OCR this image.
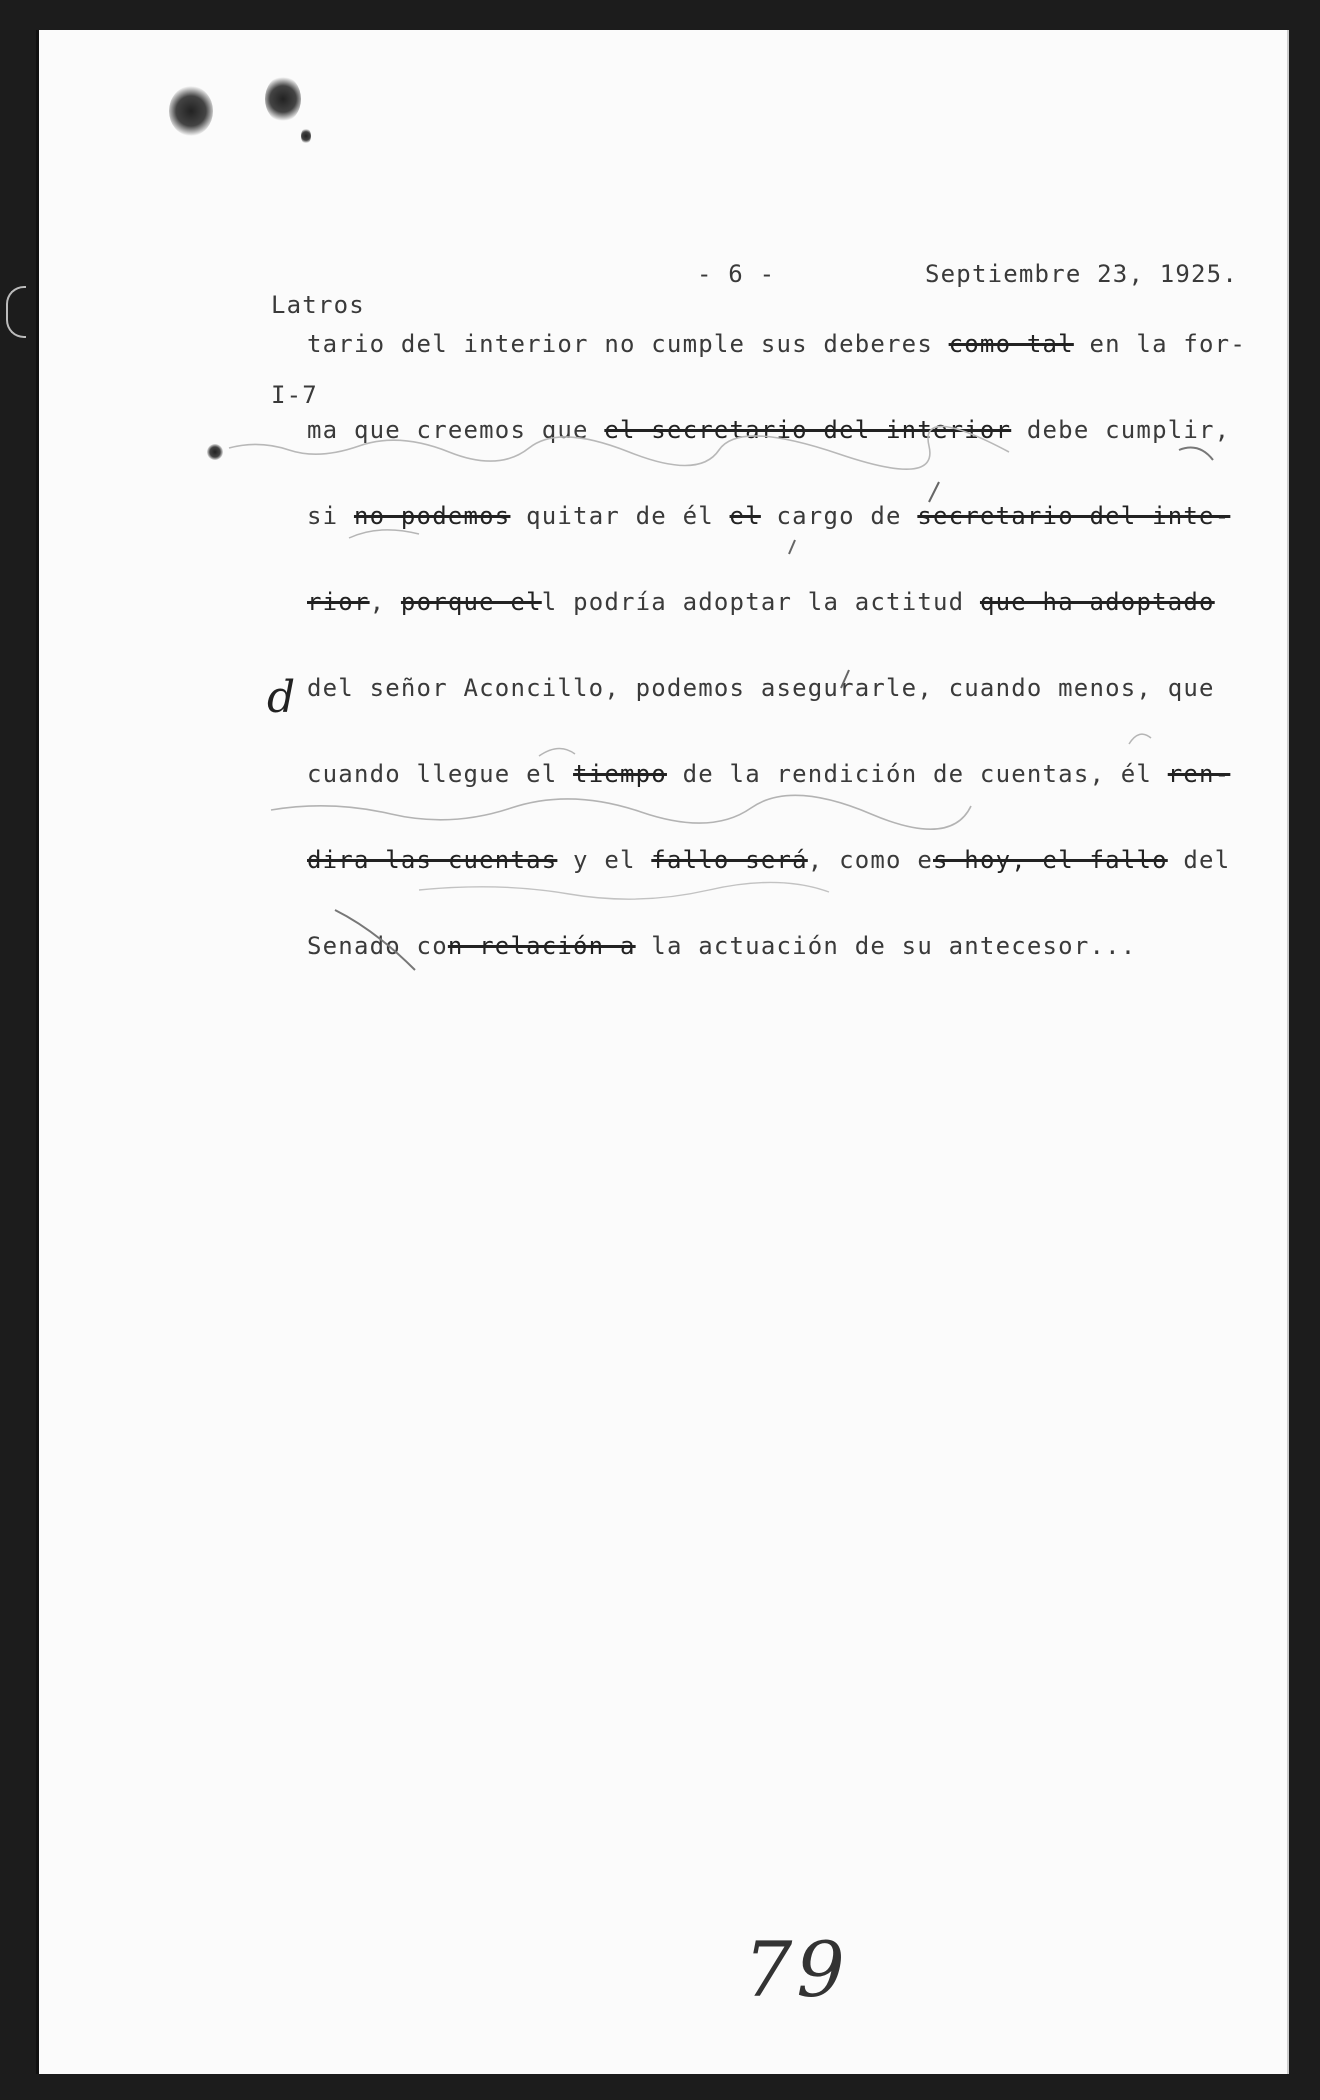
Latros

I-7

- 6 -	Septiembre 23, 1925.
tario del interior no cumple sus deberes como tal en la for-
ma que creemos que el secretario del interior debe cumplir,
si no podemos quitar de él el cargo de secretario del inte-
rior, porque ell podría adoptar la actitud que ha adoptado
del señor Aconcillo, podemos asegurarle, cuando menos, que
cuando llegue el tiempo de la rendición de cuentas, él ren-
dira las cuentas y el fallo será, como es hoy, el fallo del
Senado con relación a la actuación de su antecesor...
d
79
